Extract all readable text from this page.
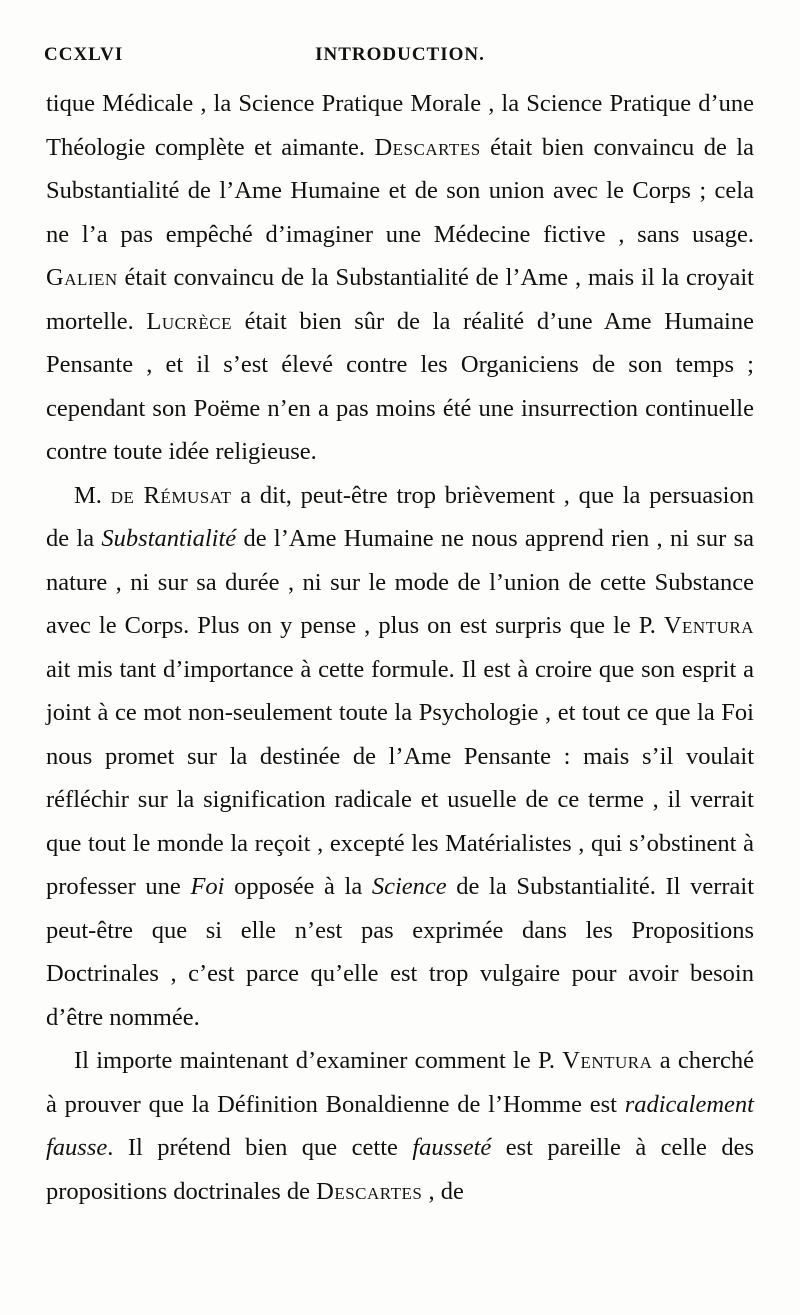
CCXLVI	INTRODUCTION.

tique Médicale , la Science Pratique Morale , la Science Pratique d’une Théologie complète et aimante. Descartes était bien convaincu de la Substantialité de l’Ame Humaine et de son union avec le Corps ; cela ne l’a pas empêché d’imaginer une Médecine fictive , sans usage. Galien était convaincu de la Substantialité de l’Ame , mais il la croyait mortelle. Lucrèce était bien sûr de la réalité d’une Ame Humaine Pensante , et il s’est élevé contre les Organiciens de son temps ; cependant son Poëme n’en a pas moins été une insurrection continuelle contre toute idée religieuse.

M. de Rémusat a dit, peut-être trop brièvement , que la persuasion de la Substantialité de l’Ame Humaine ne nous apprend rien , ni sur sa nature , ni sur sa durée , ni sur le mode de l’union de cette Substance avec le Corps. Plus on y pense , plus on est surpris que le P. Ventura ait mis tant d’importance à cette formule. Il est à croire que son esprit a joint à ce mot non-seulement toute la Psychologie , et tout ce que la Foi nous promet sur la destinée de l’Ame Pensante : mais s’il voulait réfléchir sur la signification radicale et usuelle de ce terme , il verrait que tout le monde la reçoit , excepté les Matérialistes , qui s’obstinent à professer une Foi opposée à la Science de la Substantialité. Il verrait peut-être que si elle n’est pas exprimée dans les Propositions Doctrinales , c’est parce qu’elle est trop vulgaire pour avoir besoin d’être nommée.

Il importe maintenant d’examiner comment le P. Ventura a cherché à prouver que la Définition Bonaldienne de l’Homme est radicalement fausse. Il prétend bien que cette fausseté est pareille à celle des propositions doctrinales de Descartes , de
